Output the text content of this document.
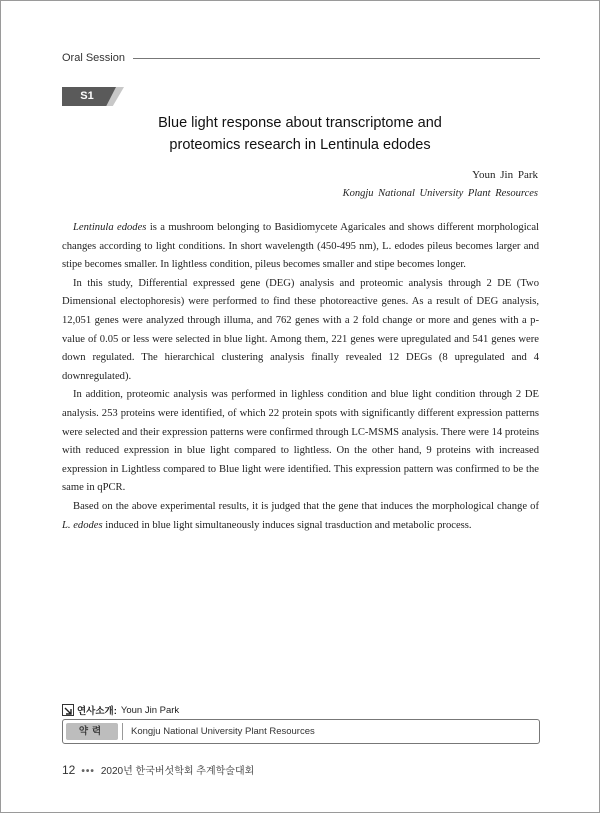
Oral Session
S1
Blue light response about transcriptome and
proteomics research in Lentinula edodes
Youn Jin Park
Kongju National University Plant Resources

Lentinula edodes is a mushroom belonging to Basidiomycete Agaricales and shows different morphological changes according to light conditions. In short wavelength (450-495 nm), L. edodes pileus becomes larger and stipe becomes smaller. In lightless condition, pileus becomes smaller and stipe becomes longer.

In this study, Differential expressed gene (DEG) analysis and proteomic analysis through 2 DE (Two Dimensional electophoresis) were performed to find these photoreactive genes. As a result of DEG analysis, 12,051 genes were analyzed through illuma, and 762 genes with a 2 fold change or more and genes with a p-value of 0.05 or less were selected in blue light. Among them, 221 genes were upregulated and 541 genes were down regulated. The hierarchical clustering analysis finally revealed 12 DEGs (8 upregulated and 4 downregulated).

In addition, proteomic analysis was performed in lighless condition and blue light condition through 2 DE analysis. 253 proteins were identified, of which 22 protein spots with significantly different expression patterns were selected and their expression patterns were confirmed through LC-MSMS analysis. There were 14 proteins with reduced expression in blue light compared to lightless. On the other hand, 9 proteins with increased expression in Lightless compared to Blue light were identified. This expression pattern was confirmed to be the same in qPCR.

Based on the above experimental results, it is judged that the gene that induces the morphological change of L. edodes induced in blue light simultaneously induces signal trasduction and metabolic process.

연사소개: Youn Jin Park
약력	Kongju National University Plant Resources
12 ••• 2020년 한국버섯학회 추계학술대회
